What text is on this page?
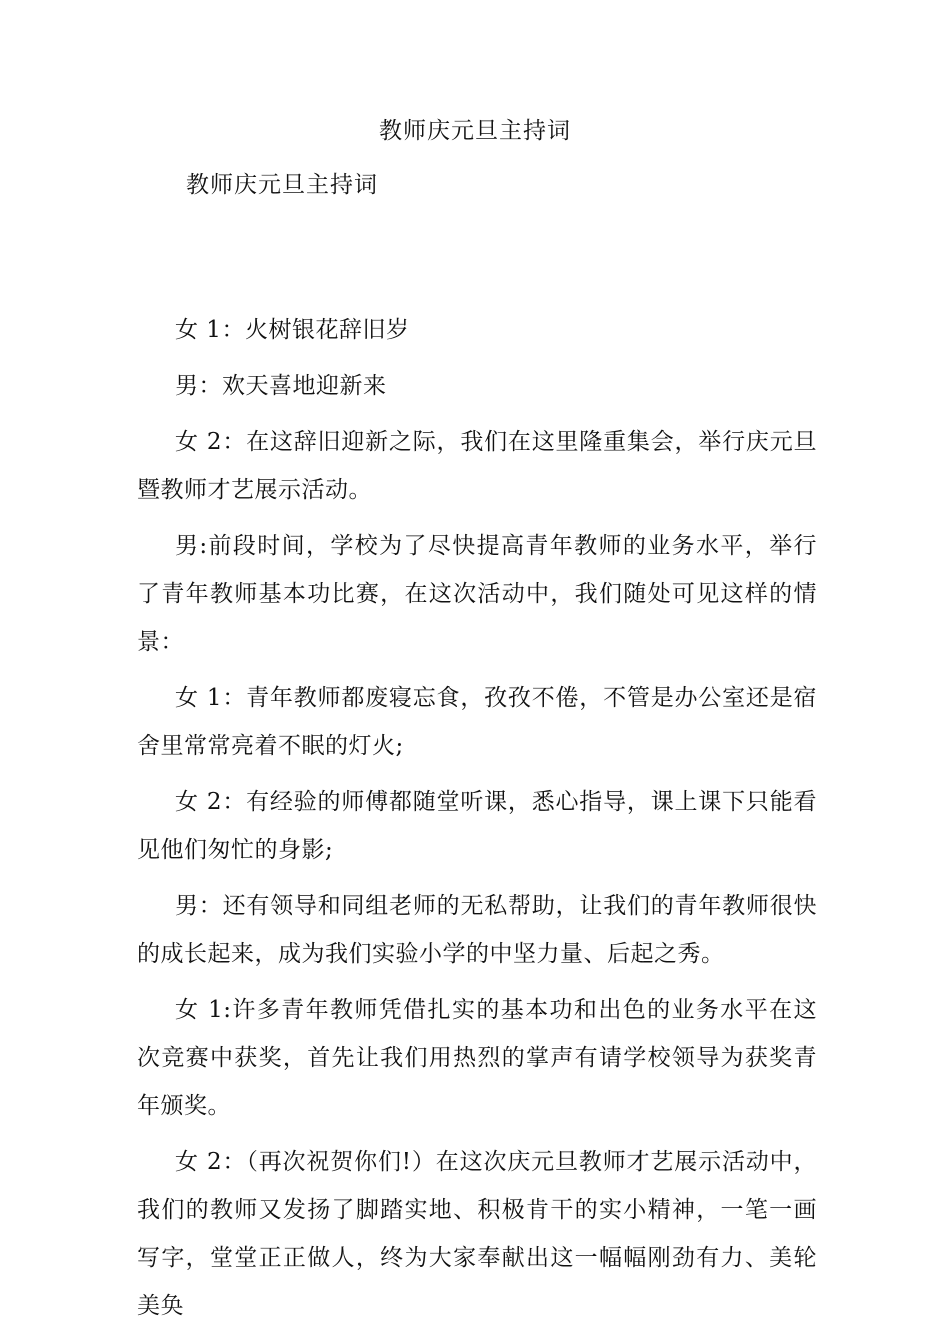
教师庆元旦主持词
教师庆元旦主持词

女 1：火树银花辞旧岁

男：欢天喜地迎新来

女 2：在这辞旧迎新之际，我们在这里隆重集会，举行庆元旦暨教师才艺展示活动。

男:前段时间，学校为了尽快提高青年教师的业务水平，举行了青年教师基本功比赛，在这次活动中，我们随处可见这样的情景：

女 1：青年教师都废寝忘食，孜孜不倦，不管是办公室还是宿舍里常常亮着不眠的灯火;

女 2：有经验的师傅都随堂听课，悉心指导，课上课下只能看见他们匆忙的身影;

男：还有领导和同组老师的无私帮助，让我们的青年教师很快的成长起来，成为我们实验小学的中坚力量、后起之秀。

女 1:许多青年教师凭借扎实的基本功和出色的业务水平在这次竞赛中获奖，首先让我们用热烈的掌声有请学校领导为获奖青年颁奖。

女 2：（再次祝贺你们!）在这次庆元旦教师才艺展示活动中，我们的教师又发扬了脚踏实地、积极肯干的实小精神，一笔一画写字，堂堂正正做人，终为大家奉献出这一幅幅刚劲有力、美轮美奂
